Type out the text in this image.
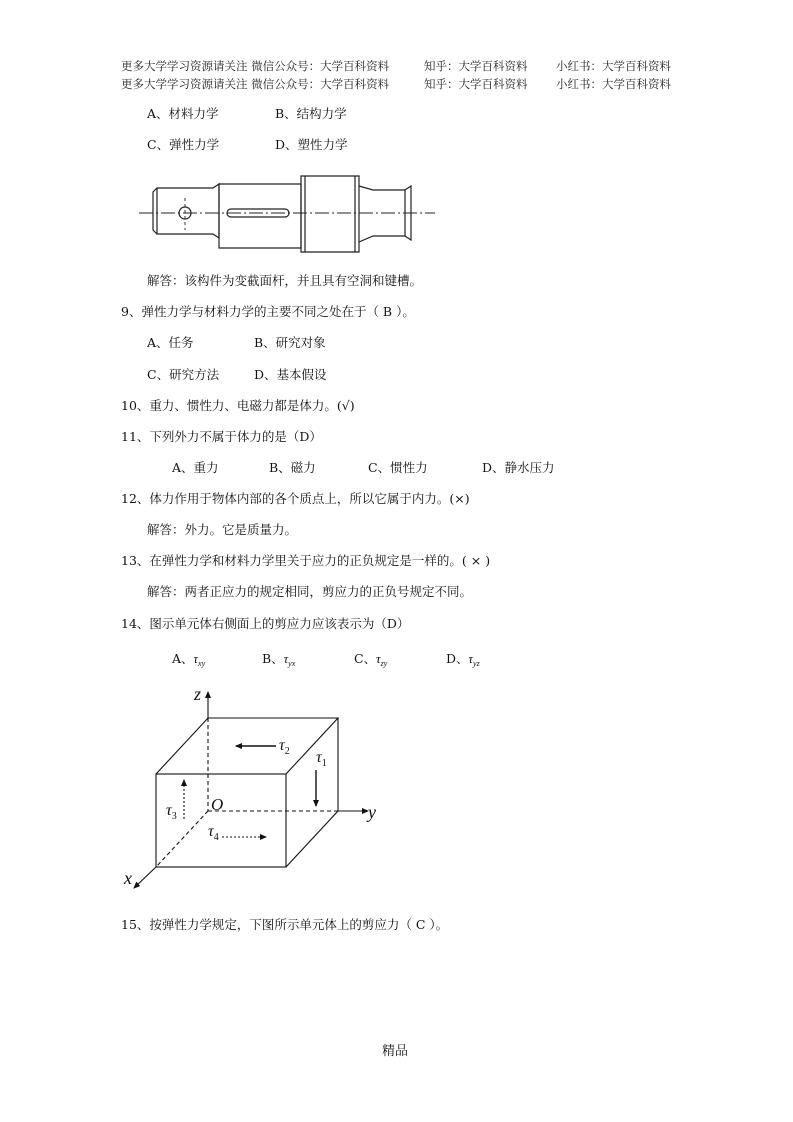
更多大学学习资源请关注 微信公众号：大学百科资料	知乎：大学百科资料 小红书：大学百科资料
更多大学学习资源请关注 微信公众号：大学百科资料	知乎：大学百科资料 小红书：大学百科资料
A、材料力学	B、结构力学
C、弹性力学	D、塑性力学
解答：该构件为变截面杆，并且具有空洞和键槽。
9、弹性力学与材料力学的主要不同之处在于（ B ）。
A、任务	B、研究对象
C、研究方法	D、基本假设
10、重力、惯性力、电磁力都是体力。(√)
11、下列外力不属于体力的是（D）
A、重力	B、磁力	C、惯性力	D、静水压力
12、体力作用于物体内部的各个质点上，所以它属于内力。(×)
解答：外力。它是质量力。
13、在弹性力学和材料力学里关于应力的正负规定是一样的。( × )
解答：两者正应力的规定相同，剪应力的正负号规定不同。
14、图示单元体右侧面上的剪应力应该表示为（D）
A、$\tau_{xy}$	B、$\tau_{yx}$	C、$\tau_{zy}$	D、$\tau_{yz}$
z
y
x
O
$\tau_2$ $\tau_1$
$\tau_3$
$\tau_4$
15、按弹性力学规定，下图所示单元体上的剪应力（ C ）。
精品
